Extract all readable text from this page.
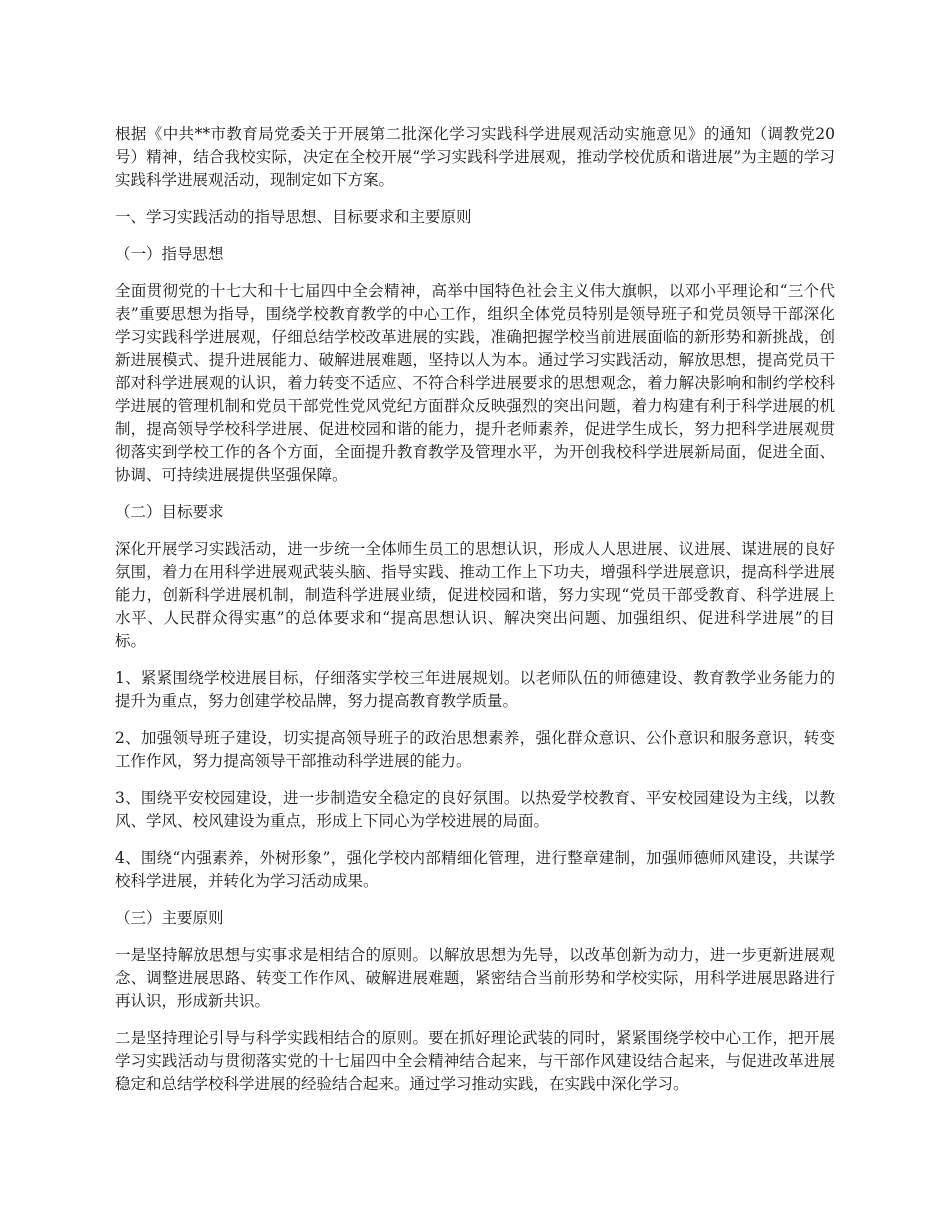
根据《中共**市教育局党委关于开展第二批深化学习实践科学进展观活动实施意见》的通知（调教党20号）精神，结合我校实际，决定在全校开展“学习实践科学进展观，推动学校优质和谐进展”为主题的学习实践科学进展观活动，现制定如下方案。

一、学习实践活动的指导思想、目标要求和主要原则

（一）指导思想

全面贯彻党的十七大和十七届四中全会精神，高举中国特色社会主义伟大旗帜，以邓小平理论和“三个代表”重要思想为指导，围绕学校教育教学的中心工作，组织全体党员特别是领导班子和党员领导干部深化学习实践科学进展观，仔细总结学校改革进展的实践，准确把握学校当前进展面临的新形势和新挑战，创新进展模式、提升进展能力、破解进展难题，坚持以人为本。通过学习实践活动，解放思想，提高党员干部对科学进展观的认识，着力转变不适应、不符合科学进展要求的思想观念，着力解决影响和制约学校科学进展的管理机制和党员干部党性党风党纪方面群众反映强烈的突出问题，着力构建有利于科学进展的机制，提高领导学校科学进展、促进校园和谐的能力，提升老师素养，促进学生成长，努力把科学进展观贯彻落实到学校工作的各个方面，全面提升教育教学及管理水平，为开创我校科学进展新局面，促进全面、协调、可持续进展提供坚强保障。

（二）目标要求

深化开展学习实践活动，进一步统一全体师生员工的思想认识，形成人人思进展、议进展、谋进展的良好氛围，着力在用科学进展观武装头脑、指导实践、推动工作上下功夫，增强科学进展意识，提高科学进展能力，创新科学进展机制，制造科学进展业绩，促进校园和谐，努力实现“党员干部受教育、科学进展上水平、人民群众得实惠”的总体要求和“提高思想认识、解决突出问题、加强组织、促进科学进展”的目标。

1、紧紧围绕学校进展目标，仔细落实学校三年进展规划。以老师队伍的师德建设、教育教学业务能力的提升为重点，努力创建学校品牌，努力提高教育教学质量。

2、加强领导班子建设，切实提高领导班子的政治思想素养，强化群众意识、公仆意识和服务意识，转变工作作风，努力提高领导干部推动科学进展的能力。

3、围绕平安校园建设，进一步制造安全稳定的良好氛围。以热爱学校教育、平安校园建设为主线，以教风、学风、校风建设为重点，形成上下同心为学校进展的局面。

4、围绕“内强素养，外树形象”，强化学校内部精细化管理，进行整章建制，加强师德师风建设，共谋学校科学进展，并转化为学习活动成果。

（三）主要原则

一是坚持解放思想与实事求是相结合的原则。以解放思想为先导，以改革创新为动力，进一步更新进展观念、调整进展思路、转变工作作风、破解进展难题，紧密结合当前形势和学校实际，用科学进展思路进行再认识，形成新共识。

二是坚持理论引导与科学实践相结合的原则。要在抓好理论武装的同时，紧紧围绕学校中心工作，把开展学习实践活动与贯彻落实党的十七届四中全会精神结合起来，与干部作风建设结合起来，与促进改革进展稳定和总结学校科学进展的经验结合起来。通过学习推动实践，在实践中深化学习。
